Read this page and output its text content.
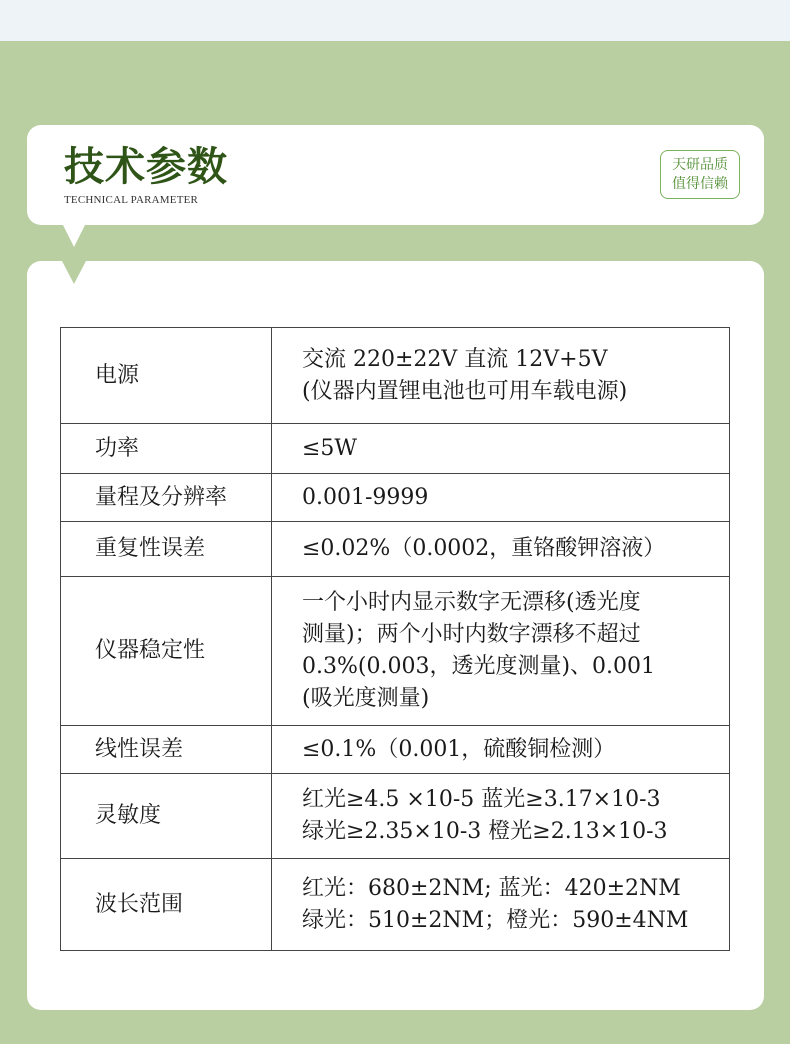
技术参数
TECHNICAL PARAMETER
天研品质
值得信赖
电源	交流 220±22V 直流 12V+5V
(仪器内置锂电池也可用车载电源)

功率	≤5W

量程及分辨率	0.001-9999

重复性误差	≤0.02%（0.0002，重铬酸钾溶液）

仪器稳定性	一个小时内显示数字无漂移(透光度
测量)；两个小时内数字漂移不超过
0.3%(0.003，透光度测量)、0.001
(吸光度测量)

线性误差	≤0.1%（0.001，硫酸铜检测）

灵敏度	红光≥4.5 ×10-5 蓝光≥3.17×10-3
绿光≥2.35×10-3 橙光≥2.13×10-3

波长范围	红光：680±2NM; 蓝光：420±2NM
绿光：510±2NM；橙光：590±4NM
